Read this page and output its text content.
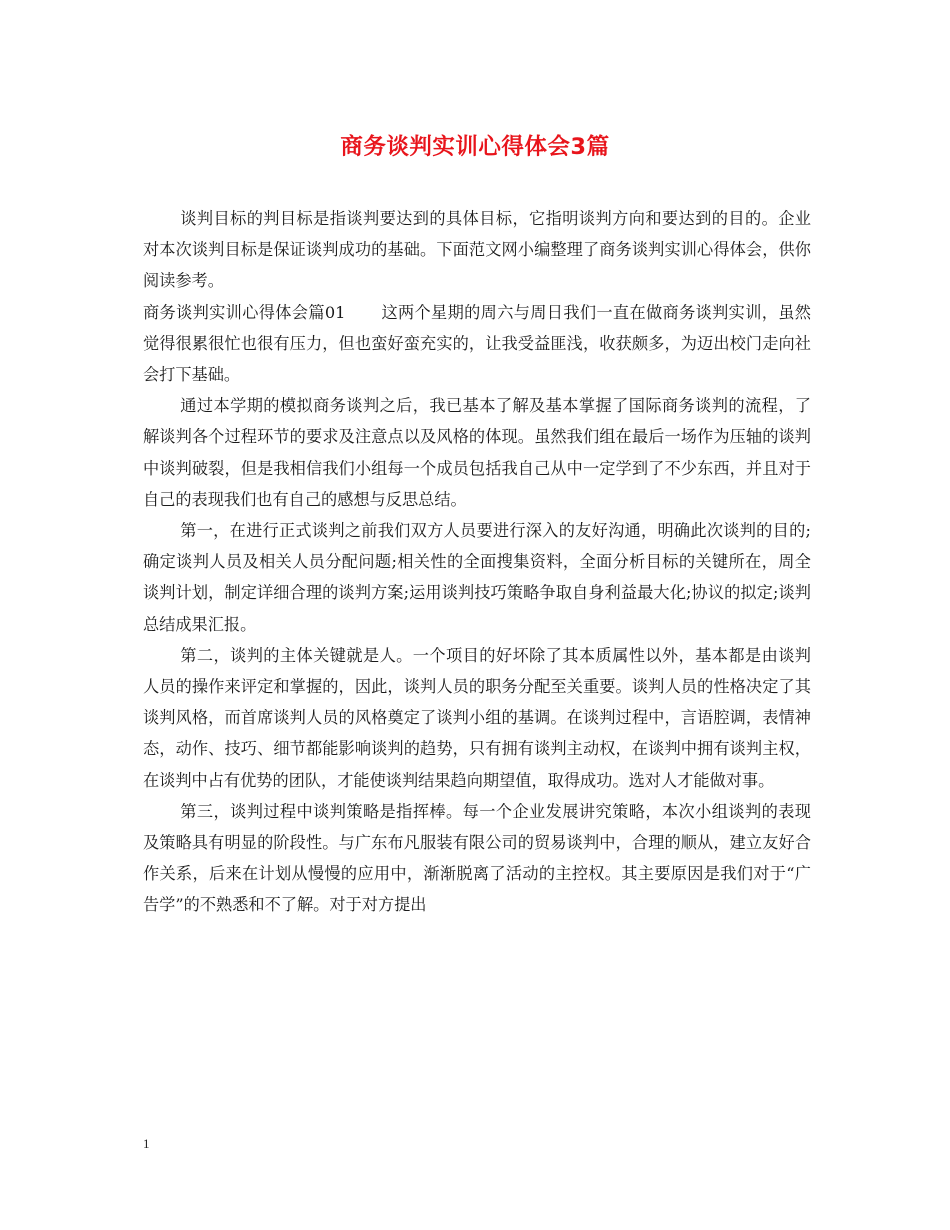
商务谈判实训心得体会3篇

谈判目标的判目标是指谈判要达到的具体目标，它指明谈判方向和要达到的目的。企业对本次谈判目标是保证谈判成功的基础。下面范文网小编整理了商务谈判实训心得体会，供你阅读参考。

商务谈判实训心得体会篇01 这两个星期的周六与周日我们一直在做商务谈判实训，虽然觉得很累很忙也很有压力，但也蛮好蛮充实的，让我受益匪浅，收获颇多，为迈出校门走向社会打下基础。

通过本学期的模拟商务谈判之后，我已基本了解及基本掌握了国际商务谈判的流程，了解谈判各个过程环节的要求及注意点以及风格的体现。虽然我们组在最后一场作为压轴的谈判中谈判破裂，但是我相信我们小组每一个成员包括我自己从中一定学到了不少东西，并且对于自己的表现我们也有自己的感想与反思总结。

第一，在进行正式谈判之前我们双方人员要进行深入的友好沟通，明确此次谈判的目的;确定谈判人员及相关人员分配问题;相关性的全面搜集资料，全面分析目标的关键所在，周全谈判计划，制定详细合理的谈判方案;运用谈判技巧策略争取自身利益最大化;协议的拟定;谈判总结成果汇报。

第二，谈判的主体关键就是人。一个项目的好坏除了其本质属性以外，基本都是由谈判人员的操作来评定和掌握的，因此，谈判人员的职务分配至关重要。谈判人员的性格决定了其谈判风格，而首席谈判人员的风格奠定了谈判小组的基调。在谈判过程中，言语腔调，表情神态，动作、技巧、细节都能影响谈判的趋势，只有拥有谈判主动权，在谈判中拥有谈判主权，在谈判中占有优势的团队，才能使谈判结果趋向期望值，取得成功。选对人才能做对事。

第三，谈判过程中谈判策略是指挥棒。每一个企业发展讲究策略，本次小组谈判的表现及策略具有明显的阶段性。与广东布凡服装有限公司的贸易谈判中，合理的顺从，建立友好合作关系，后来在计划从慢慢的应用中，渐渐脱离了活动的主控权。其主要原因是我们对于“广告学”的不熟悉和不了解。对于对方提出

1
